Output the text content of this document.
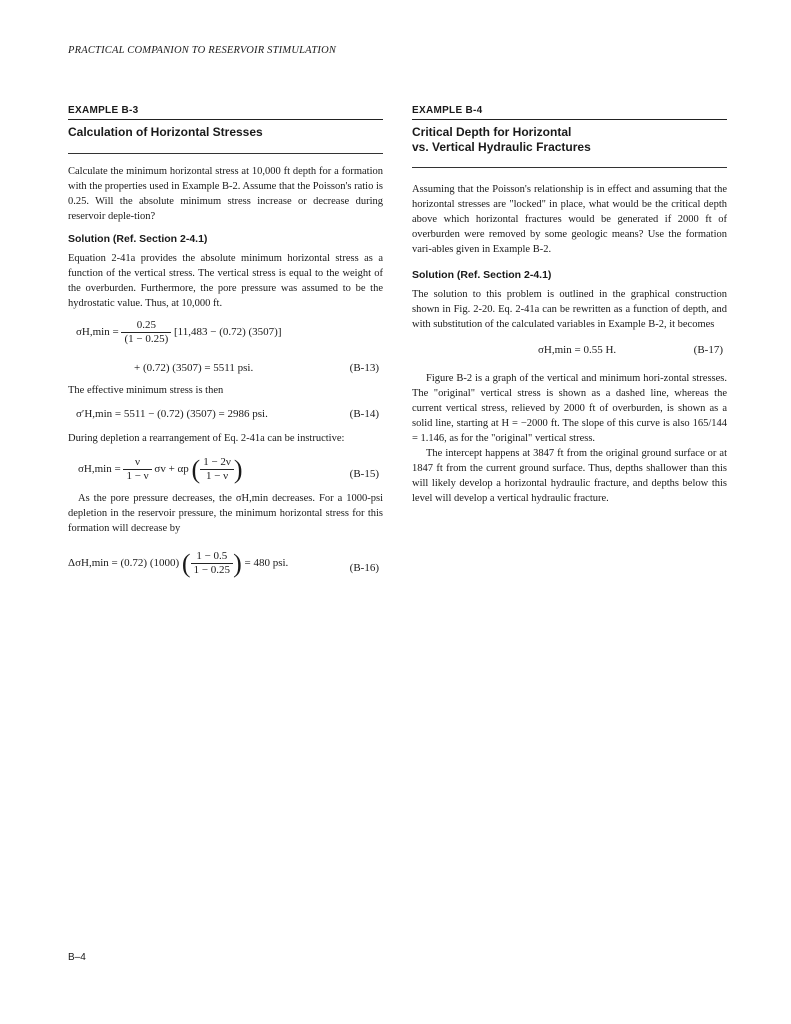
PRACTICAL COMPANION TO RESERVOIR STIMULATION
EXAMPLE B-3
Calculation of Horizontal Stresses

Calculate the minimum horizontal stress at 10,000 ft depth for a formation with the properties used in Example B-2. Assume that the Poisson's ratio is 0.25. Will the absolute minimum stress increase or decrease during reservoir deple-tion?

Solution (Ref. Section 2-4.1)

Equation 2-41a provides the absolute minimum horizontal stress as a function of the vertical stress. The vertical stress is equal to the weight of the overburden. Furthermore, the pore pressure was assumed to be the hydrostatic value. Thus, at 10,000 ft.

$\sigma H,\min = \frac{0.25}{(1 - 0.25)} [11,483 - (0.72)$ (3507)]
+ (0.72) (3507) = 5511 psi.	(B-13)

The effective minimum stress is then

σ′H,min = 5511 − (0.72) (3507) = 2986 psi.	(B-14)

During depletion a rearrangement of Eq. 2-41a can be instructive:

$\sigma H,\min = \frac{\nu}{1 - \nu}$ σv + αp ( $\frac{1 - 2\nu}{1 - \nu}$ )	(B-15)

As the pore pressure decreases, the σH,min decreases. For a 1000-psi depletion in the reservoir pressure, the minimum horizontal stress for this formation will decrease by

ΔσH,min = (0.72) (1000) ( $\frac{1 - 0.5}{1 - 0.25}$ ) = 480 psi.	(B-16)
EXAMPLE B-4
Critical Depth for Horizontal
vs. Vertical Hydraulic Fractures

Assuming that the Poisson's relationship is in effect and assuming that the horizontal stresses are "locked" in place, what would be the critical depth above which horizontal fractures would be generated if 2000 ft of overburden were removed by some geologic means? Use the formation vari-ables given in Example B-2.

Solution (Ref. Section 2-4.1)

The solution to this problem is outlined in the graphical construction shown in Fig. 2-20. Eq. 2-41a can be rewritten as a function of depth, and with substitution of the calculated variables in Example B-2, it becomes

σH,min = 0.55 H.	(B-17)

Figure B-2 is a graph of the vertical and minimum hori-zontal stresses. The "original" vertical stress is shown as a dashed line, whereas the current vertical stress, relieved by 2000 ft of overburden, is shown as a solid line, starting at H = −2000 ft. The slope of this curve is also 165/144 = 1.146, as for the "original" vertical stress.

The intercept happens at 3847 ft from the original ground surface or at 1847 ft from the current ground surface. Thus, depths shallower than this will likely develop a horizontal hydraulic fracture, and depths below this level will develop a vertical hydraulic fracture.

B–4
